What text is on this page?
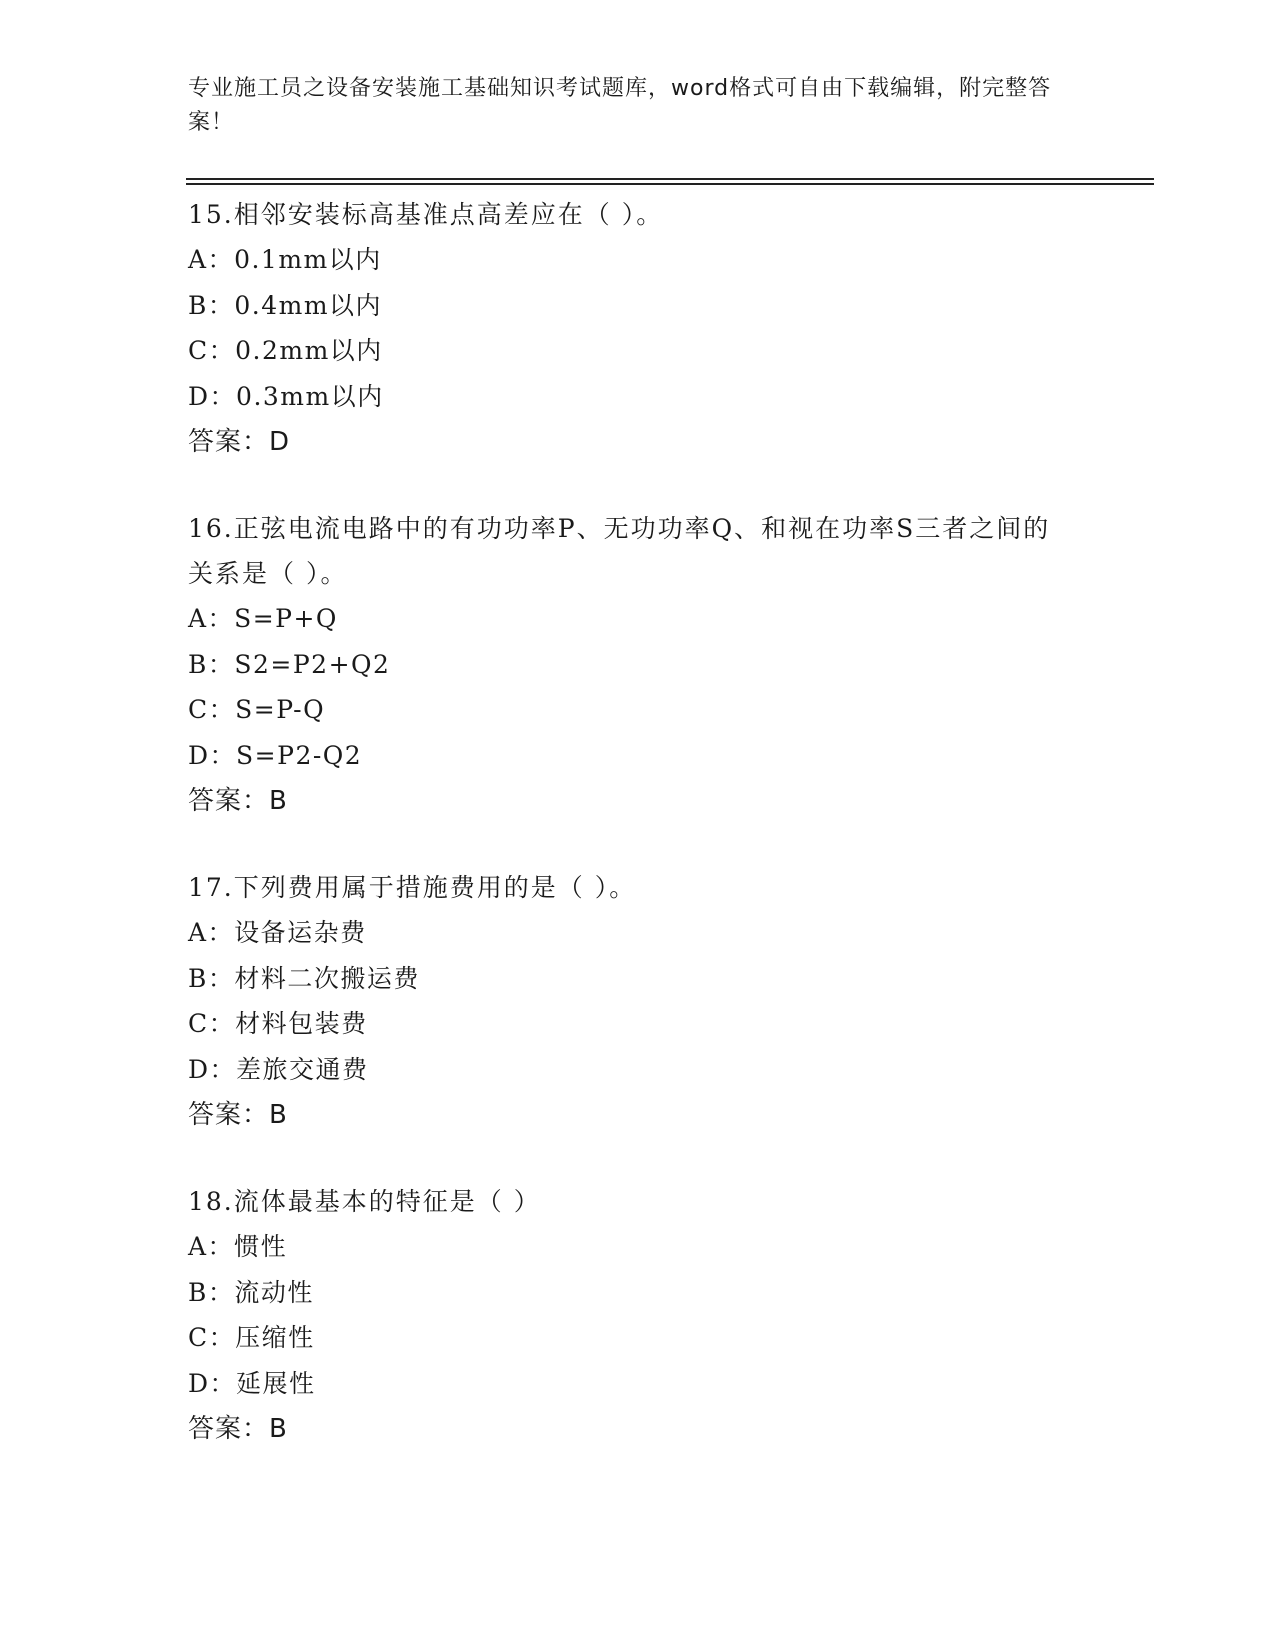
专业施工员之设备安装施工基础知识考试题库，word格式可自由下载编辑，附完整答案！

15.相邻安装标高基准点高差应在（ ）。

A：0.1mm以内

B：0.4mm以内

C：0.2mm以内

D：0.3mm以内

答案：D

16.正弦电流电路中的有功功率P、无功功率Q、和视在功率S三者之间的关系是（ ）。

A：S=P+Q

B：S2=P2+Q2

C：S=P-Q

D：S=P2-Q2

答案：B

17.下列费用属于措施费用的是（ ）。

A：设备运杂费

B：材料二次搬运费

C：材料包装费

D：差旅交通费

答案：B

18.流体最基本的特征是（ ）

A：惯性

B：流动性

C：压缩性

D：延展性

答案：B
